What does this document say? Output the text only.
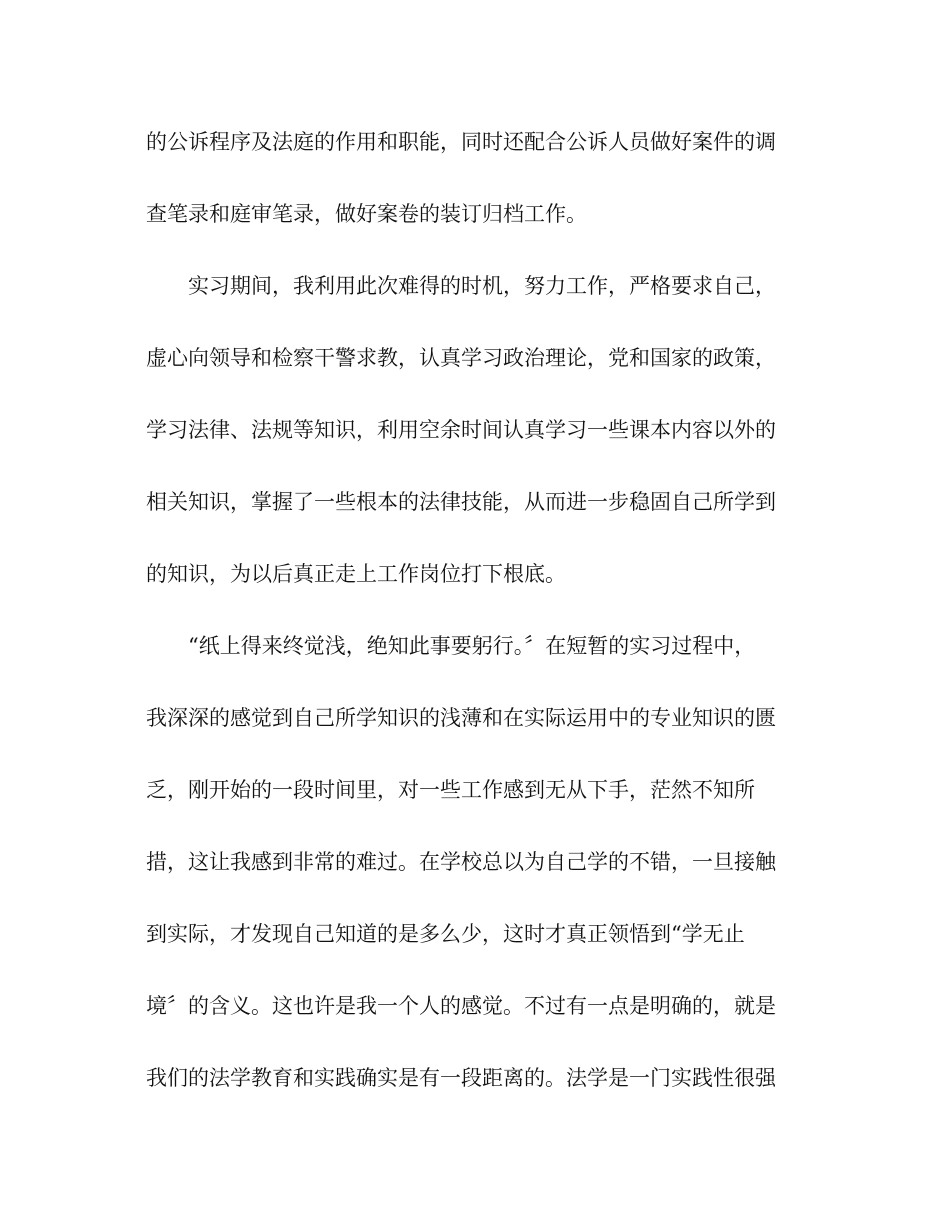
的公诉程序及法庭的作用和职能，同时还配合公诉人员做好案件的调
查笔录和庭审笔录，做好案卷的装订归档工作。
实习期间，我利用此次难得的时机，努力工作，严格要求自己，
虚心向领导和检察干警求教，认真学习政治理论，党和国家的政策，
学习法律、法规等知识，利用空余时间认真学习一些课本内容以外的
相关知识，掌握了一些根本的法律技能，从而进一步稳固自己所学到
的知识，为以后真正走上工作岗位打下根底。
“纸上得来终觉浅，绝知此事要躬行。〞在短暂的实习过程中，
我深深的感觉到自己所学知识的浅薄和在实际运用中的专业知识的匮
乏，刚开始的一段时间里，对一些工作感到无从下手，茫然不知所
措，这让我感到非常的难过。在学校总以为自己学的不错，一旦接触
到实际，才发现自己知道的是多么少，这时才真正领悟到“学无止
境〞的含义。这也许是我一个人的感觉。不过有一点是明确的，就是
我们的法学教育和实践确实是有一段距离的。法学是一门实践性很强
